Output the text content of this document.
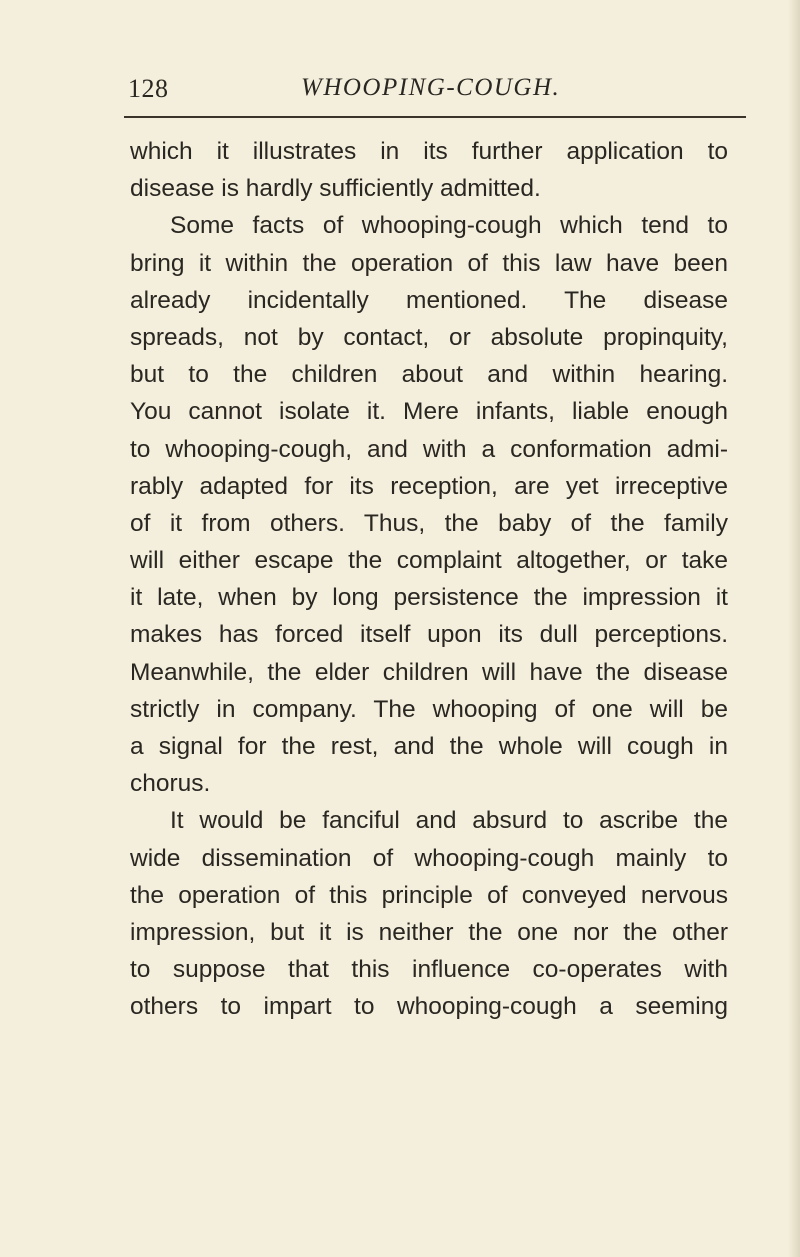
128	WHOOPING-COUGH.
which it illustrates in its further application to
disease is hardly sufficiently admitted.
Some facts of whooping-cough which tend to
bring it within the operation of this law have been
already incidentally mentioned. The disease
spreads, not by contact, or absolute propinquity,
but to the children about and within hearing.
You cannot isolate it. Mere infants, liable enough
to whooping-cough, and with a conformation admi-
rably adapted for its reception, are yet irreceptive
of it from others. Thus, the baby of the family
will either escape the complaint altogether, or take
it late, when by long persistence the impression it
makes has forced itself upon its dull perceptions.
Meanwhile, the elder children will have the disease
strictly in company. The whooping of one will be
a signal for the rest, and the whole will cough in
chorus.
It would be fanciful and absurd to ascribe the
wide dissemination of whooping-cough mainly to
the operation of this principle of conveyed nervous
impression, but it is neither the one nor the other
to suppose that this influence co-operates with
others to impart to whooping-cough a seeming
